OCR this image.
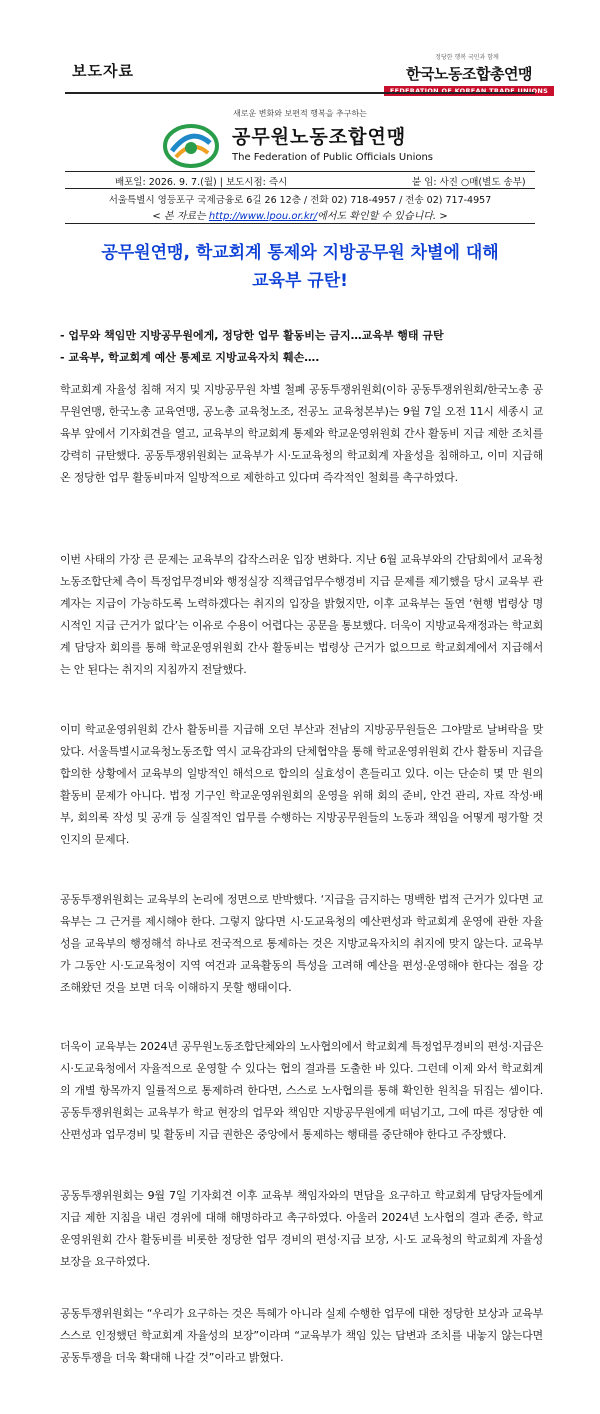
보도자료
정당한 행복 국민과 함께
한국노동조합총연맹
FEDERATION OF KOREAN TRADE UNIONS
새로운 변화와 보편적 행복을 추구하는
공무원노동조합연맹
The Federation of Public Officials Unions
배포일: 2026. 9. 7.(월) | 보도시점: 즉시	붙 임: 사진 ○매(별도 송부)
서울특별시 영등포구 국제금융로 6길 26 12층 / 전화 02) 718-4957 / 전송 02) 717-4957
< 본 자료는 http://www.lpou.or.kr/에서도 확인할 수 있습니다. >
공무원연맹, 학교회계 통제와 지방공무원 차별에 대해
교육부 규탄!
- 업무와 책임만 지방공무원에게, 정당한 업무 활동비는 금지…교육부 행태 규탄
- 교육부, 학교회계 예산 통제로 지방교육자치 훼손….
학교회계 자율성 침해 저지 및 지방공무원 차별 철폐 공동투쟁위원회(이하 공동투쟁위원회/한국노총 공무원연맹, 한국노총 교육연맹, 공노총 교육청노조, 전공노 교육청본부)는 9월 7일 오전 11시 세종시 교육부 앞에서 기자회견을 열고, 교육부의 학교회계 통제와 학교운영위원회 간사 활동비 지급 제한 조치를 강력히 규탄했다. 공동투쟁위원회는 교육부가 시·도교육청의 학교회계 자율성을 침해하고, 이미 지급해 온 정당한 업무 활동비마저 일방적으로 제한하고 있다며 즉각적인 철회를 촉구하였다.
이번 사태의 가장 큰 문제는 교육부의 갑작스러운 입장 변화다. 지난 6월 교육부와의 간담회에서 교육청노동조합단체 측이 특정업무경비와 행정실장 직책급업무수행경비 지급 문제를 제기했을 당시 교육부 관계자는 지급이 가능하도록 노력하겠다는 취지의 입장을 밝혔지만, 이후 교육부는 돌연 ‘현행 법령상 명시적인 지급 근거가 없다’는 이유로 수용이 어렵다는 공문을 통보했다. 더욱이 지방교육재정과는 학교회계 담당자 회의를 통해 학교운영위원회 간사 활동비는 법령상 근거가 없으므로 학교회계에서 지급해서는 안 된다는 취지의 지침까지 전달했다.
이미 학교운영위원회 간사 활동비를 지급해 오던 부산과 전남의 지방공무원들은 그야말로 날벼락을 맞았다. 서울특별시교육청노동조합 역시 교육감과의 단체협약을 통해 학교운영위원회 간사 활동비 지급을 합의한 상황에서 교육부의 일방적인 해석으로 합의의 실효성이 흔들리고 있다. 이는 단순히 몇 만 원의 활동비 문제가 아니다. 법정 기구인 학교운영위원회의 운영을 위해 회의 준비, 안건 관리, 자료 작성·배부, 회의록 작성 및 공개 등 실질적인 업무를 수행하는 지방공무원들의 노동과 책임을 어떻게 평가할 것인지의 문제다.
공동투쟁위원회는 교육부의 논리에 정면으로 반박했다. ‘지급을 금지하는 명백한 법적 근거가 있다면 교육부는 그 근거를 제시해야 한다. 그렇지 않다면 시·도교육청의 예산편성과 학교회계 운영에 관한 자율성을 교육부의 행정해석 하나로 전국적으로 통제하는 것은 지방교육자치의 취지에 맞지 않는다. 교육부가 그동안 시·도교육청이 지역 여건과 교육활동의 특성을 고려해 예산을 편성·운영해야 한다는 점을 강조해왔던 것을 보면 더욱 이해하지 못할 행태이다.
더욱이 교육부는 2024년 공무원노동조합단체와의 노사협의에서 학교회계 특정업무경비의 편성·지급은 시·도교육청에서 자율적으로 운영할 수 있다는 협의 결과를 도출한 바 있다. 그런데 이제 와서 학교회계의 개별 항목까지 일률적으로 통제하려 한다면, 스스로 노사협의를 통해 확인한 원칙을 뒤집는 셈이다. 공동투쟁위원회는 교육부가 학교 현장의 업무와 책임만 지방공무원에게 떠넘기고, 그에 따른 정당한 예산편성과 업무경비 및 활동비 지급 권한은 중앙에서 통제하는 행태를 중단해야 한다고 주장했다.
공동투쟁위원회는 9월 7일 기자회견 이후 교육부 책임자와의 면담을 요구하고 학교회계 담당자들에게 지급 제한 지침을 내린 경위에 대해 해명하라고 촉구하였다. 아울러 2024년 노사협의 결과 존중, 학교운영위원회 간사 활동비를 비롯한 정당한 업무 경비의 편성·지급 보장, 시·도 교육청의 학교회계 자율성 보장을 요구하였다.
공동투쟁위원회는 “우리가 요구하는 것은 특혜가 아니라 실제 수행한 업무에 대한 정당한 보상과 교육부 스스로 인정했던 학교회계 자율성의 보장”이라며 “교육부가 책임 있는 답변과 조치를 내놓지 않는다면 공동투쟁을 더욱 확대해 나갈 것”이라고 밝혔다.
